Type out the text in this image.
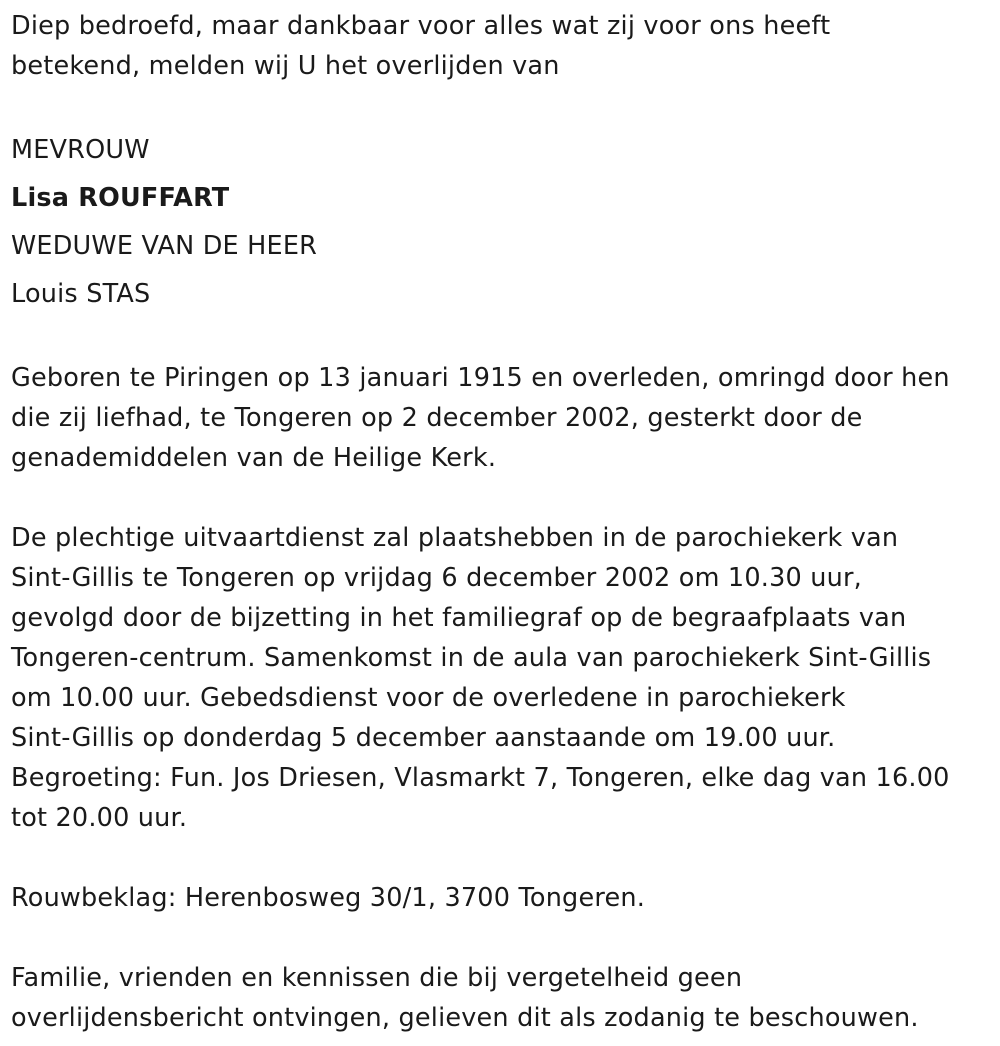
Diep bedroefd, maar dankbaar voor alles wat zij voor ons heeft
betekend, melden wij U het overlijden van

MEVROUW

Lisa ROUFFART

WEDUWE VAN DE HEER

Louis STAS

Geboren te Piringen op 13 januari 1915 en overleden, omringd door hen
die zij liefhad, te Tongeren op 2 december 2002, gesterkt door de
genademiddelen van de Heilige Kerk.

De plechtige uitvaartdienst zal plaatshebben in de parochiekerk van
Sint-Gillis te Tongeren op vrijdag 6 december 2002 om 10.30 uur,
gevolgd door de bijzetting in het familiegraf op de begraafplaats van
Tongeren-centrum. Samenkomst in de aula van parochiekerk Sint-Gillis
om 10.00 uur. Gebedsdienst voor de overledene in parochiekerk
Sint-Gillis op donderdag 5 december aanstaande om 19.00 uur.
Begroeting: Fun. Jos Driesen, Vlasmarkt 7, Tongeren, elke dag van 16.00
tot 20.00 uur.

Rouwbeklag: Herenbosweg 30/1, 3700 Tongeren.

Familie, vrienden en kennissen die bij vergetelheid geen
overlijdensbericht ontvingen, gelieven dit als zodanig te beschouwen.
